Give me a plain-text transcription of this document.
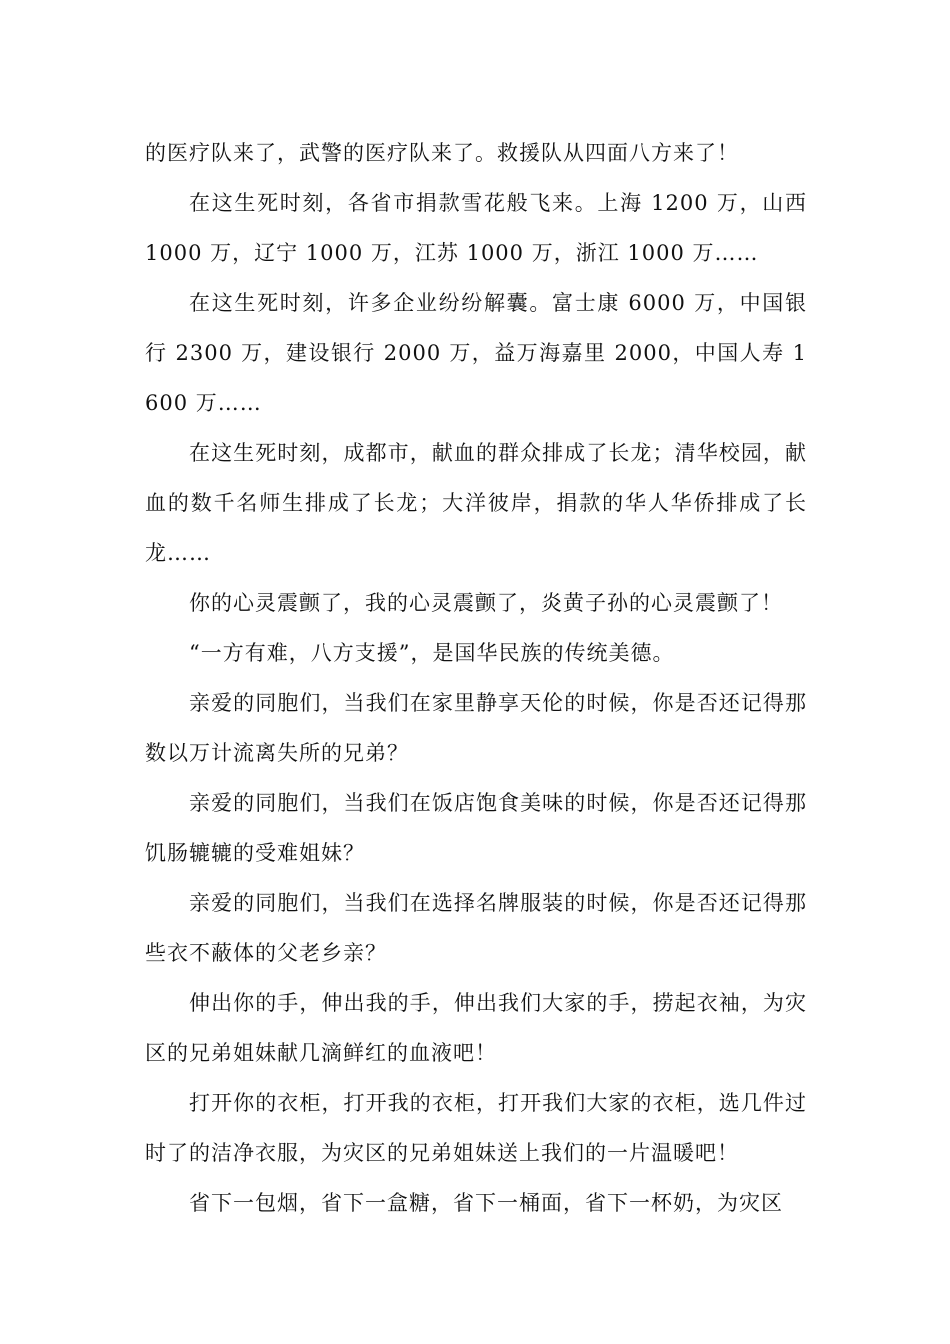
的医疗队来了，武警的医疗队来了。救援队从四面八方来了！

在这生死时刻，各省市捐款雪花般飞来。上海 1200 万，山西 1000 万，辽宁 1000 万，江苏 1000 万，浙江 1000 万……

在这生死时刻，许多企业纷纷解囊。富士康 6000 万，中国银行 2300 万，建设银行 2000 万，益万海嘉里 2000，中国人寿 1600 万……

在这生死时刻，成都市，献血的群众排成了长龙；清华校园，献血的数千名师生排成了长龙；大洋彼岸，捐款的华人华侨排成了长龙……

你的心灵震颤了，我的心灵震颤了，炎黄子孙的心灵震颤了！

“一方有难，八方支援”，是国华民族的传统美德。

亲爱的同胞们，当我们在家里静享天伦的时候，你是否还记得那数以万计流离失所的兄弟？

亲爱的同胞们，当我们在饭店饱食美味的时候，你是否还记得那饥肠辘辘的受难姐妹？

亲爱的同胞们，当我们在选择名牌服装的时候，你是否还记得那些衣不蔽体的父老乡亲？

伸出你的手，伸出我的手，伸出我们大家的手，捞起衣袖，为灾区的兄弟姐妹献几滴鲜红的血液吧！

打开你的衣柜，打开我的衣柜，打开我们大家的衣柜，选几件过时了的洁净衣服，为灾区的兄弟姐妹送上我们的一片温暖吧！

省下一包烟，省下一盒糖，省下一桶面，省下一杯奶，为灾区
